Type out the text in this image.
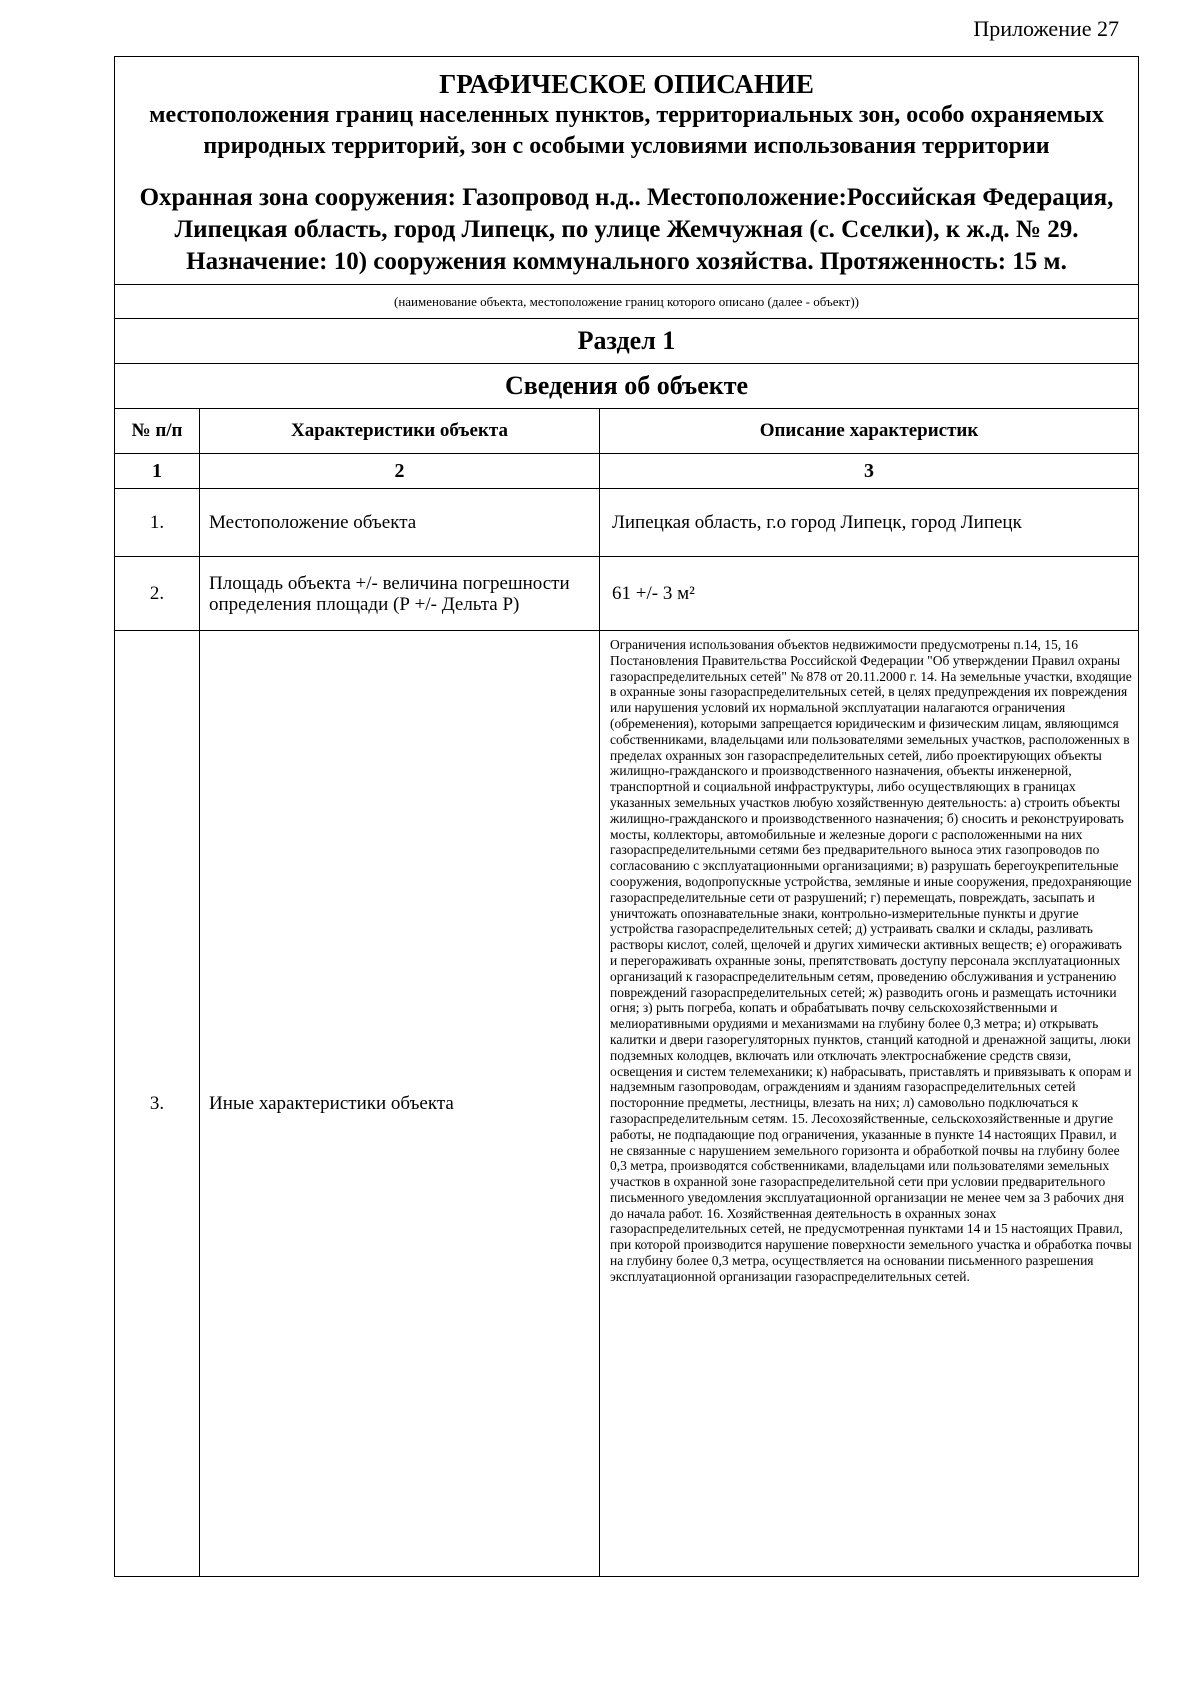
Приложение 27
ГРАФИЧЕСКОЕ ОПИСАНИЕ
местоположения границ населенных пунктов, территориальных зон, особо охраняемых природных территорий, зон с особыми условиями использования территории
Охранная зона сооружения: Газопровод н.д.. Местоположение:Российская Федерация, Липецкая область, город Липецк, по улице Жемчужная (с. Сселки), к ж.д. № 29. Назначение: 10) сооружения коммунального хозяйства. Протяженность: 15 м.		

(наименование объекта, местоположение границ которого описано (далее - объект))		
Раздел 1		
Сведения об объекте		
№ п/п	Характеристики объекта	Описание характеристик
1	2	3
1.	Местоположение объекта	Липецкая область, г.о город Липецк, город Липецк
2.	Площадь объекта +/- величина погрешности определения площади (Р +/- Дельта Р)	61 +/- 3 м²
3.	Иные характеристики объекта	Ограничения использования объектов недвижимости предусмотрены п.14, 15, 16 Постановления Правительства Российской Федерации "Об утверждении Правил охраны газораспределительных сетей" № 878 от 20.11.2000 г. 14. На земельные участки, входящие в охранные зоны газораспределительных сетей, в целях предупреждения их повреждения или нарушения условий их нормальной эксплуатации налагаются ограничения (обременения), которыми запрещается юридическим и физическим лицам, являющимся собственниками, владельцами или пользователями земельных участков, расположенных в пределах охранных зон газораспределительных сетей, либо проектирующих объекты жилищно-гражданского и производственного назначения, объекты инженерной, транспортной и социальной инфраструктуры, либо осуществляющих в границах указанных земельных участков любую хозяйственную деятельность: а) строить объекты жилищно-гражданского и производственного назначения; б) сносить и реконструировать мосты, коллекторы, автомобильные и железные дороги с расположенными на них газораспределительными сетями без предварительного выноса этих газопроводов по согласованию с эксплуатационными организациями; в) разрушать берегоукрепительные сооружения, водопропускные устройства, земляные и иные сооружения, предохраняющие газораспределительные сети от разрушений; г) перемещать, повреждать, засыпать и уничтожать опознавательные знаки, контрольно-измерительные пункты и другие устройства газораспределительных сетей; д) устраивать свалки и склады, разливать растворы кислот, солей, щелочей и других химически активных веществ; е) огораживать и перегораживать охранные зоны, препятствовать доступу персонала эксплуатационных организаций к газораспределительным сетям, проведению обслуживания и устранению повреждений газораспределительных сетей; ж) разводить огонь и размещать источники огня; з) рыть погреба, копать и обрабатывать почву сельскохозяйственными и мелиоративными орудиями и механизмами на глубину более 0,3 метра; и) открывать калитки и двери газорегуляторных пунктов, станций катодной и дренажной защиты, люки подземных колодцев, включать или отключать электроснабжение средств связи, освещения и систем телемеханики; к) набрасывать, приставлять и привязывать к опорам и надземным газопроводам, ограждениям и зданиям газораспределительных сетей посторонние предметы, лестницы, влезать на них; л) самовольно подключаться к газораспределительным сетям. 15. Лесохозяйственные, сельскохозяйственные и другие работы, не подпадающие под ограничения, указанные в пункте 14 настоящих Правил, и не связанные с нарушением земельного горизонта и обработкой почвы на глубину более 0,3 метра, производятся собственниками, владельцами или пользователями земельных участков в охранной зоне газораспределительной сети при условии предварительного письменного уведомления эксплуатационной организации не менее чем за 3 рабочих дня до начала работ. 16. Хозяйственная деятельность в охранных зонах газораспределительных сетей, не предусмотренная пунктами 14 и 15 настоящих Правил, при которой производится нарушение поверхности земельного участка и обработка почвы на глубину более 0,3 метра, осуществляется на основании письменного разрешения эксплуатационной организации газораспределительных сетей.
